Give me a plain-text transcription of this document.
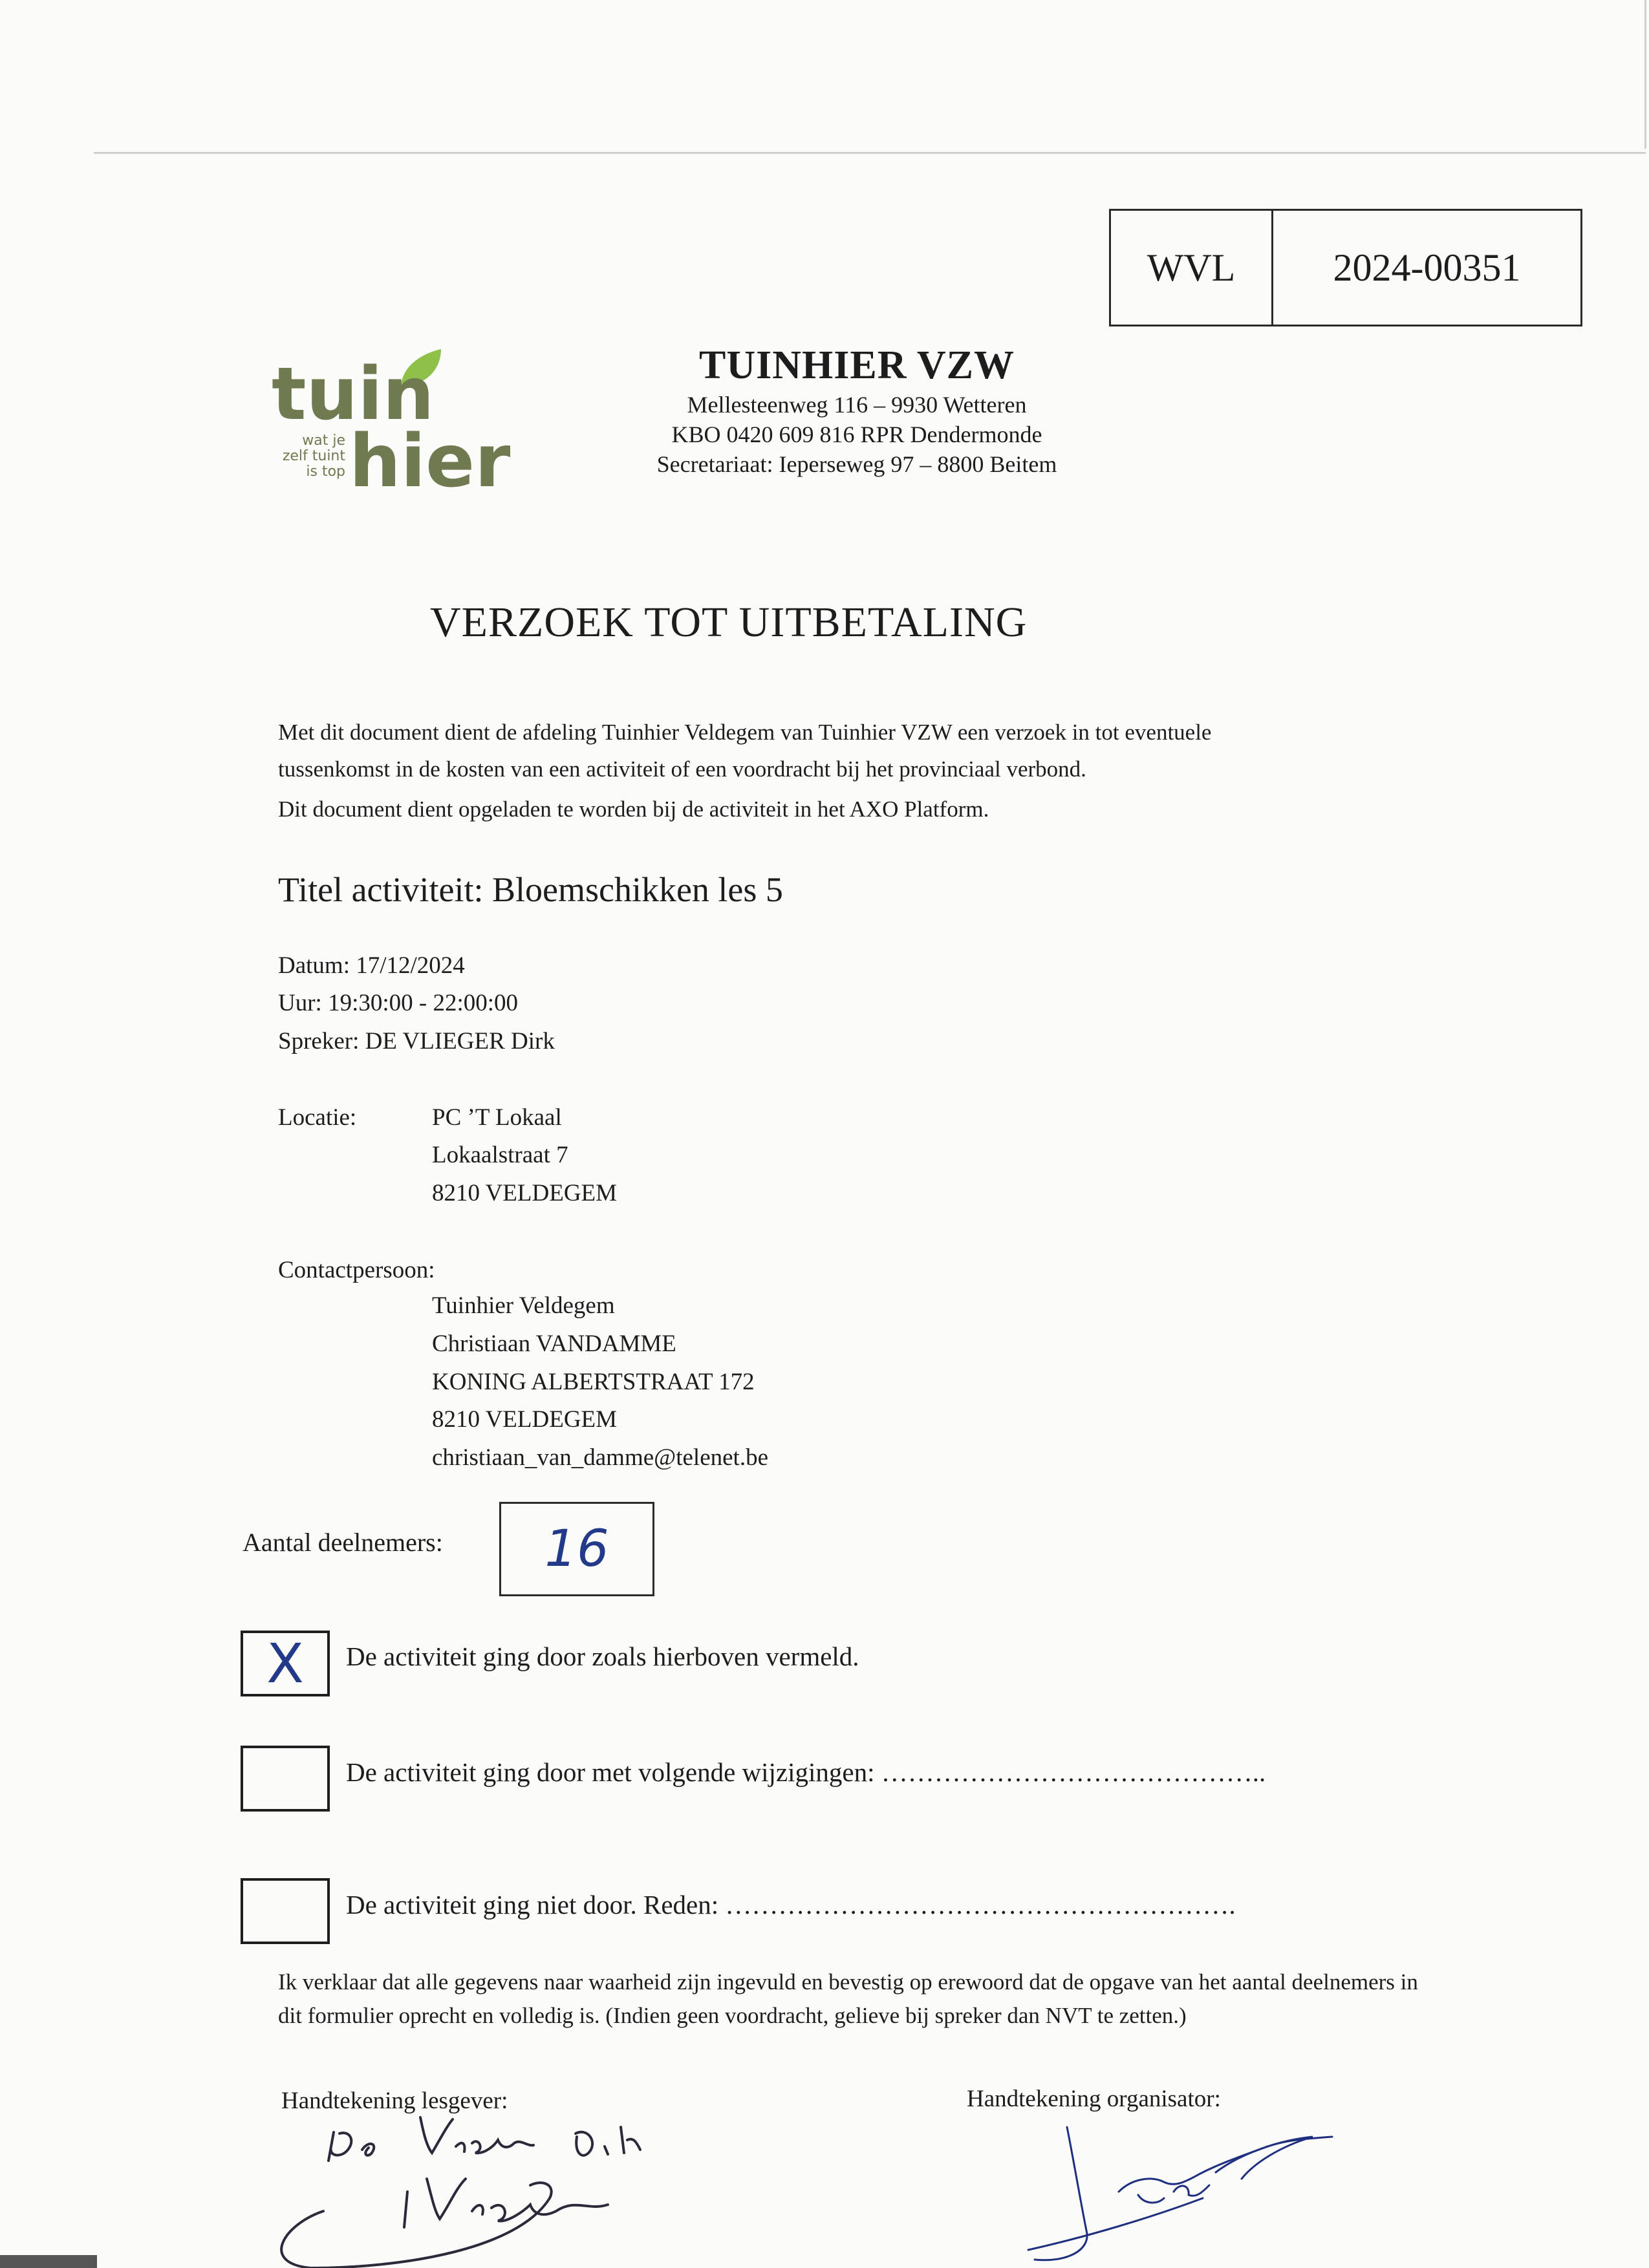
WVL	2024-00351
tuin
hier
wat je
zelf tuint
is top
TUINHIER VZW
Mellesteenweg 116 – 9930 Wetteren
KBO 0420 609 816 RPR Dendermonde
Secretariaat: Ieperseweg 97 – 8800 Beitem
VERZOEK TOT UITBETALING
Met dit document dient de afdeling Tuinhier Veldegem van Tuinhier VZW een verzoek in tot eventuele
tussenkomst in de kosten van een activiteit of een voordracht bij het provinciaal verbond.
Dit document dient opgeladen te worden bij de activiteit in het AXO Platform.
Titel activiteit: Bloemschikken les 5
Datum: 17/12/2024
Uur: 19:30:00 - 22:00:00
Spreker: DE VLIEGER Dirk
Locatie:	PC ’T Lokaal
Lokaalstraat 7
8210 VELDEGEM
Contactpersoon:
Tuinhier Veldegem
Christiaan VANDAMME
KONING ALBERTSTRAAT 172
8210 VELDEGEM
christiaan_van_damme@telenet.be
Aantal deelnemers: 16
X De activiteit ging door zoals hierboven vermeld.
De activiteit ging door met volgende wijzigingen: ……………………………………..
De activiteit ging niet door. Reden: ………………………………………………….
Ik verklaar dat alle gegevens naar waarheid zijn ingevuld en bevestig op erewoord dat de opgave van het aantal deelnemers in dit formulier oprecht en volledig is. (Indien geen voordracht, gelieve bij spreker dan NVT te zetten.)
Handtekening lesgever:	Handtekening organisator:
